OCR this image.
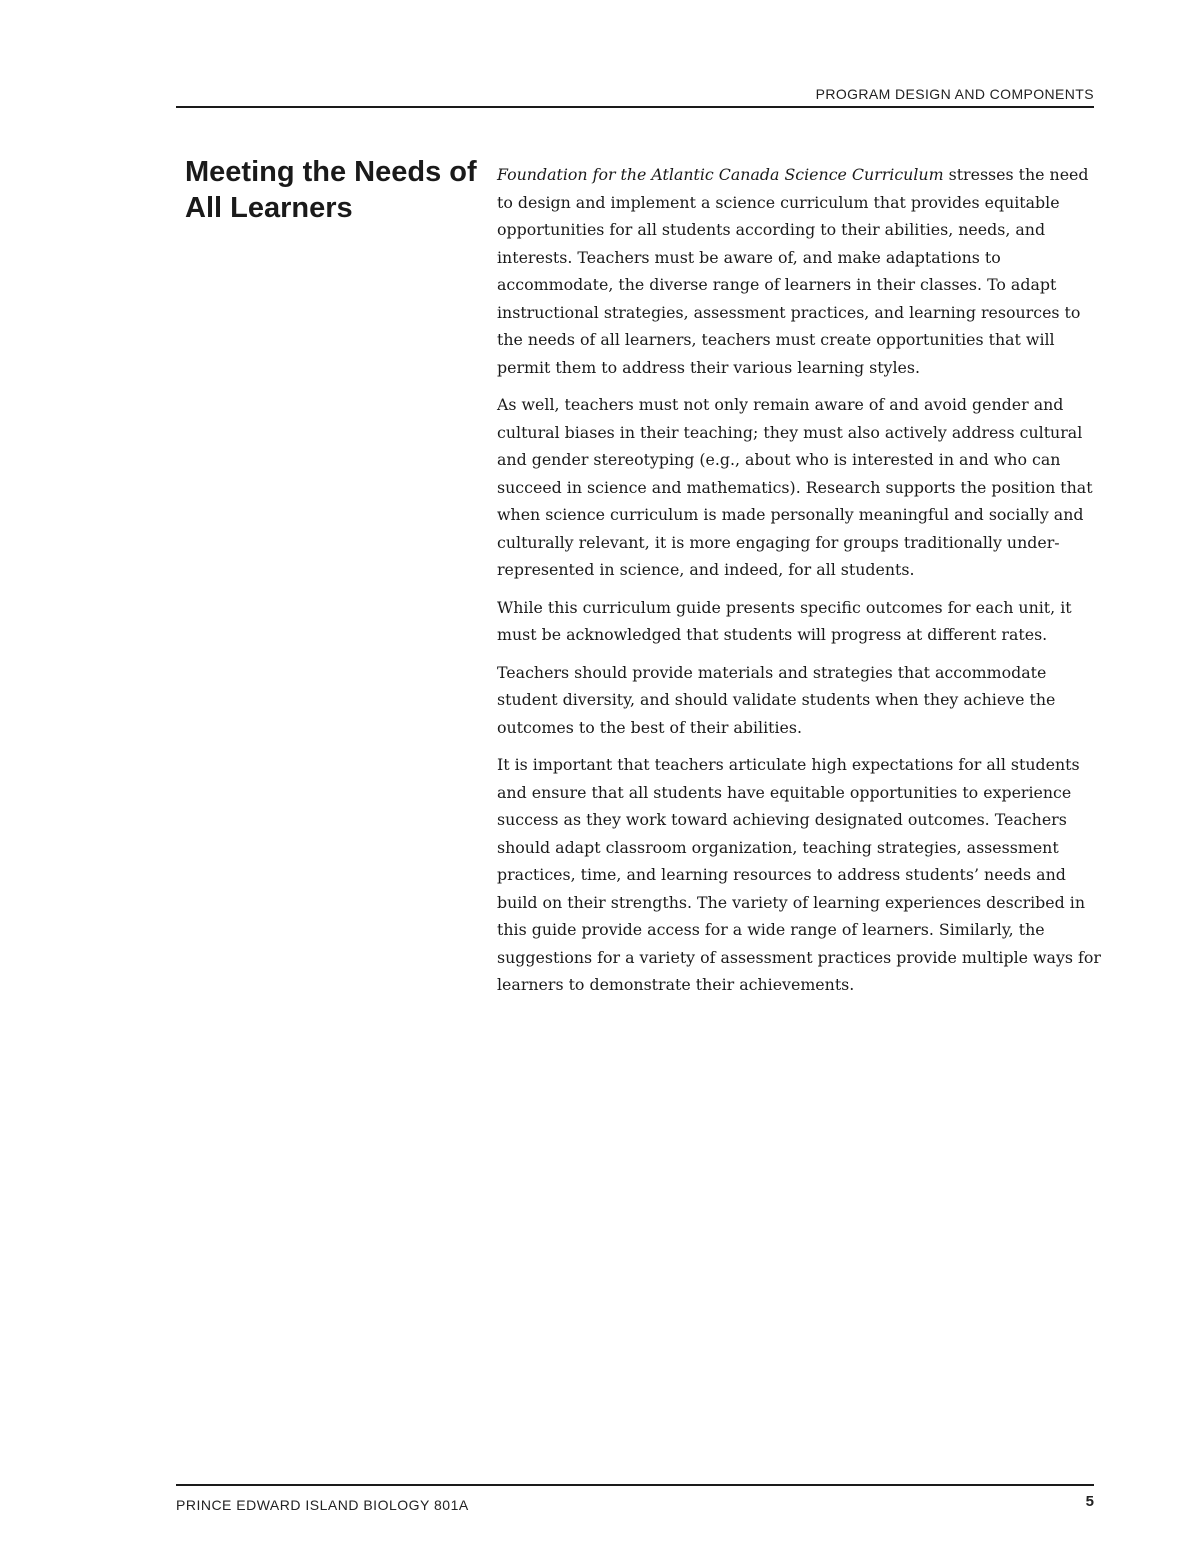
PROGRAM DESIGN AND COMPONENTS
Meeting the Needs of All Learners

Foundation for the Atlantic Canada Science Curriculum stresses the need to design and implement a science curriculum that provides equitable opportunities for all students according to their abilities, needs, and interests. Teachers must be aware of, and make adaptations to accommodate, the diverse range of learners in their classes. To adapt instructional strategies, assessment practices, and learning resources to the needs of all learners, teachers must create opportunities that will permit them to address their various learning styles.

As well, teachers must not only remain aware of and avoid gender and cultural biases in their teaching; they must also actively address cultural and gender stereotyping (e.g., about who is interested in and who can succeed in science and mathematics). Research supports the position that when science curriculum is made personally meaningful and socially and culturally relevant, it is more engaging for groups traditionally under-represented in science, and indeed, for all students.

While this curriculum guide presents specific outcomes for each unit, it must be acknowledged that students will progress at different rates.

Teachers should provide materials and strategies that accommodate student diversity, and should validate students when they achieve the outcomes to the best of their abilities.

It is important that teachers articulate high expectations for all students and ensure that all students have equitable opportunities to experience success as they work toward achieving designated outcomes. Teachers should adapt classroom organization, teaching strategies, assessment practices, time, and learning resources to address students’ needs and build on their strengths. The variety of learning experiences described in this guide provide access for a wide range of learners. Similarly, the suggestions for a variety of assessment practices provide multiple ways for learners to demonstrate their achievements.

PRINCE EDWARD ISLAND BIOLOGY 801A	5
